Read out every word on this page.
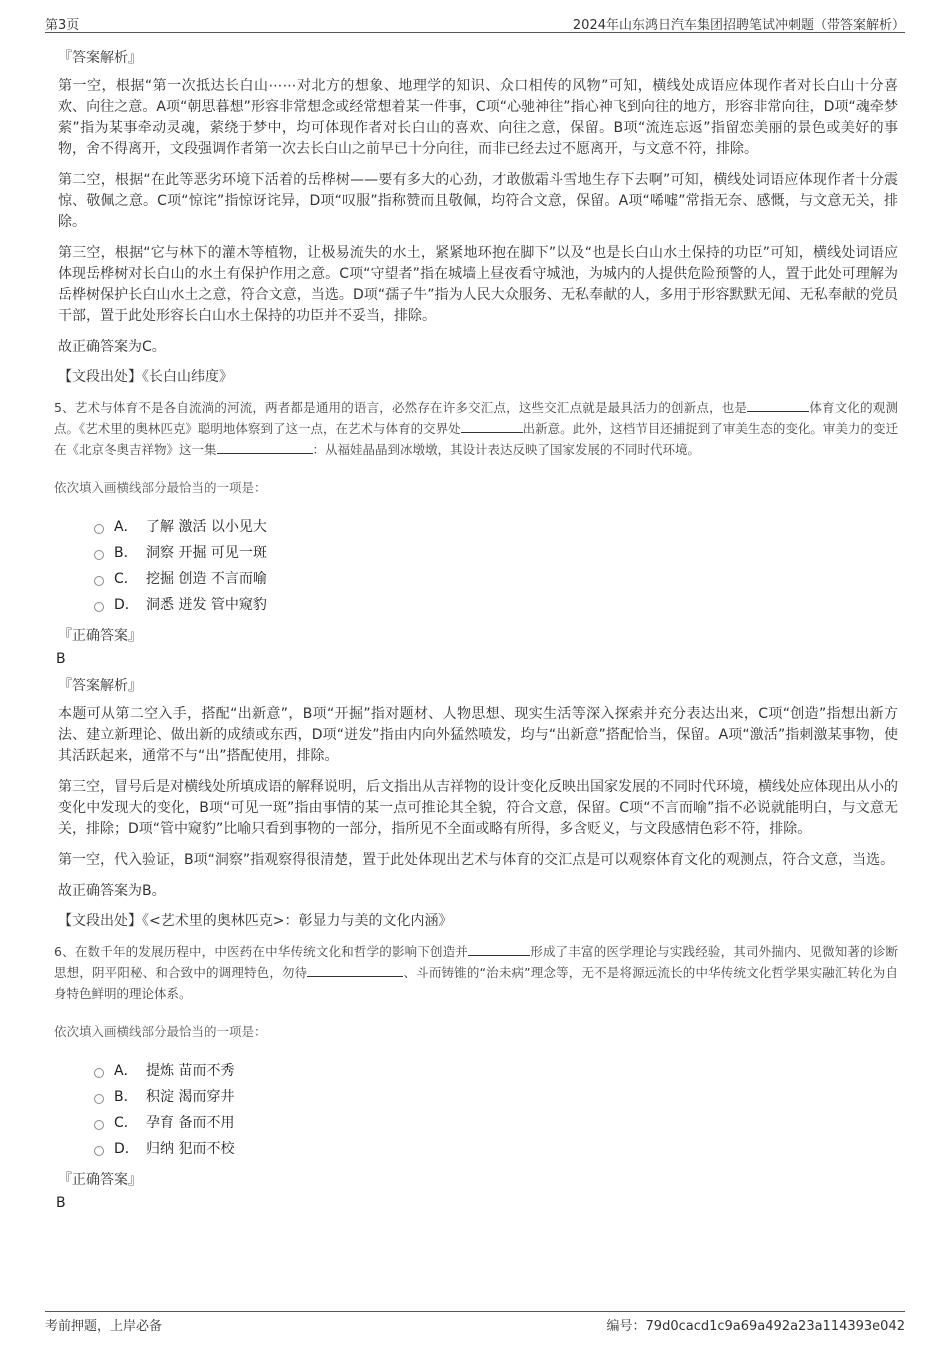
第3页	2024年山东鸿日汽车集团招聘笔试冲刺题（带答案解析）
『答案解析』

第一空，根据“第一次抵达长白山⋯⋯对北方的想象、地理学的知识、众口相传的风物”可知，横线处成语应体现作者对长白山十分喜欢、向往之意。A项“朝思暮想”形容非常想念或经常想着某一件事，C项“心驰神往”指心神飞到向往的地方，形容非常向往，D项“魂牵梦萦”指为某事牵动灵魂，萦绕于梦中，均可体现作者对长白山的喜欢、向往之意，保留。B项“流连忘返”指留恋美丽的景色或美好的事物，舍不得离开，文段强调作者第一次去长白山之前早已十分向往，而非已经去过不愿离开，与文意不符，排除。

第二空，根据“在此等恶劣环境下活着的岳桦树——要有多大的心劲，才敢傲霜斗雪地生存下去啊”可知，横线处词语应体现作者十分震惊、敬佩之意。C项“惊诧”指惊讶诧异，D项“叹服”指称赞而且敬佩，均符合文意，保留。A项“唏嘘”常指无奈、感慨，与文意无关，排除。

第三空，根据“它与林下的灌木等植物，让极易流失的水土，紧紧地环抱在脚下”以及“也是长白山水土保持的功臣”可知，横线处词语应体现岳桦树对长白山的水土有保护作用之意。C项“守望者”指在城墙上昼夜看守城池，为城内的人提供危险预警的人，置于此处可理解为岳桦树保护长白山水土之意，符合文意，当选。D项“孺子牛”指为人民大众服务、无私奉献的人，多用于形容默默无闻、无私奉献的党员干部，置于此处形容长白山水土保持的功臣并不妥当，排除。

故正确答案为C。
【文段出处】《长白山纬度》
5、艺术与体育不是各自流淌的河流，两者都是通用的语言，必然存在许多交汇点，这些交汇点就是最具活力的创新点，也是	体育文化的观测点。《艺术里的奥林匹克》聪明地体察到了这一点，在艺术与体育的交界处	出新意。此外，这档节目还捕捉到了审美生态的变化。审美力的变迁在《北京冬奥吉祥物》这一集	：从福娃晶晶到冰墩墩，其设计表达反映了国家发展的不同时代环境。
依次填入画横线部分最恰当的一项是：
A． 了解 激活 以小见大
B． 洞察 开掘 可见一斑
C． 挖掘 创造 不言而喻
D． 洞悉 迸发 管中窥豹
『正确答案』
B
『答案解析』

本题可从第二空入手，搭配“出新意”，B项“开掘”指对题材、人物思想、现实生活等深入探索并充分表达出来，C项“创造”指想出新方法、建立新理论、做出新的成绩或东西，D项“迸发”指由内向外猛然喷发，均与“出新意”搭配恰当，保留。A项“激活”指刺激某事物，使其活跃起来，通常不与“出”搭配使用，排除。

第三空，冒号后是对横线处所填成语的解释说明，后文指出从吉祥物的设计变化反映出国家发展的不同时代环境，横线处应体现出从小的变化中发现大的变化，B项“可见一斑”指由事情的某一点可推论其全貌，符合文意，保留。C项“不言而喻”指不必说就能明白，与文意无关，排除；D项“管中窥豹”比喻只看到事物的一部分，指所见不全面或略有所得，多含贬义，与文段感情色彩不符，排除。

第一空，代入验证，B项“洞察”指观察得很清楚，置于此处体现出艺术与体育的交汇点是可以观察体育文化的观测点，符合文意，当选。

故正确答案为B。
【文段出处】《<艺术里的奥林匹克>：彰显力与美的文化内涵》
6、在数千年的发展历程中，中医药在中华传统文化和哲学的影响下创造并	形成了丰富的医学理论与实践经验，其司外揣内、见微知著的诊断思想，阴平阳秘、和合致中的调理特色，勿待	、斗而铸锥的“治未病”理念等，无不是将源远流长的中华传统文化哲学果实融汇转化为自身特色鲜明的理论体系。
依次填入画横线部分最恰当的一项是：
A． 提炼 苗而不秀
B． 积淀 渴而穿井
C． 孕育 备而不用
D． 归纳 犯而不校
『正确答案』
B
考前押题，上岸必备	编号：79d0cacd1c9a69a492a23a114393e042
